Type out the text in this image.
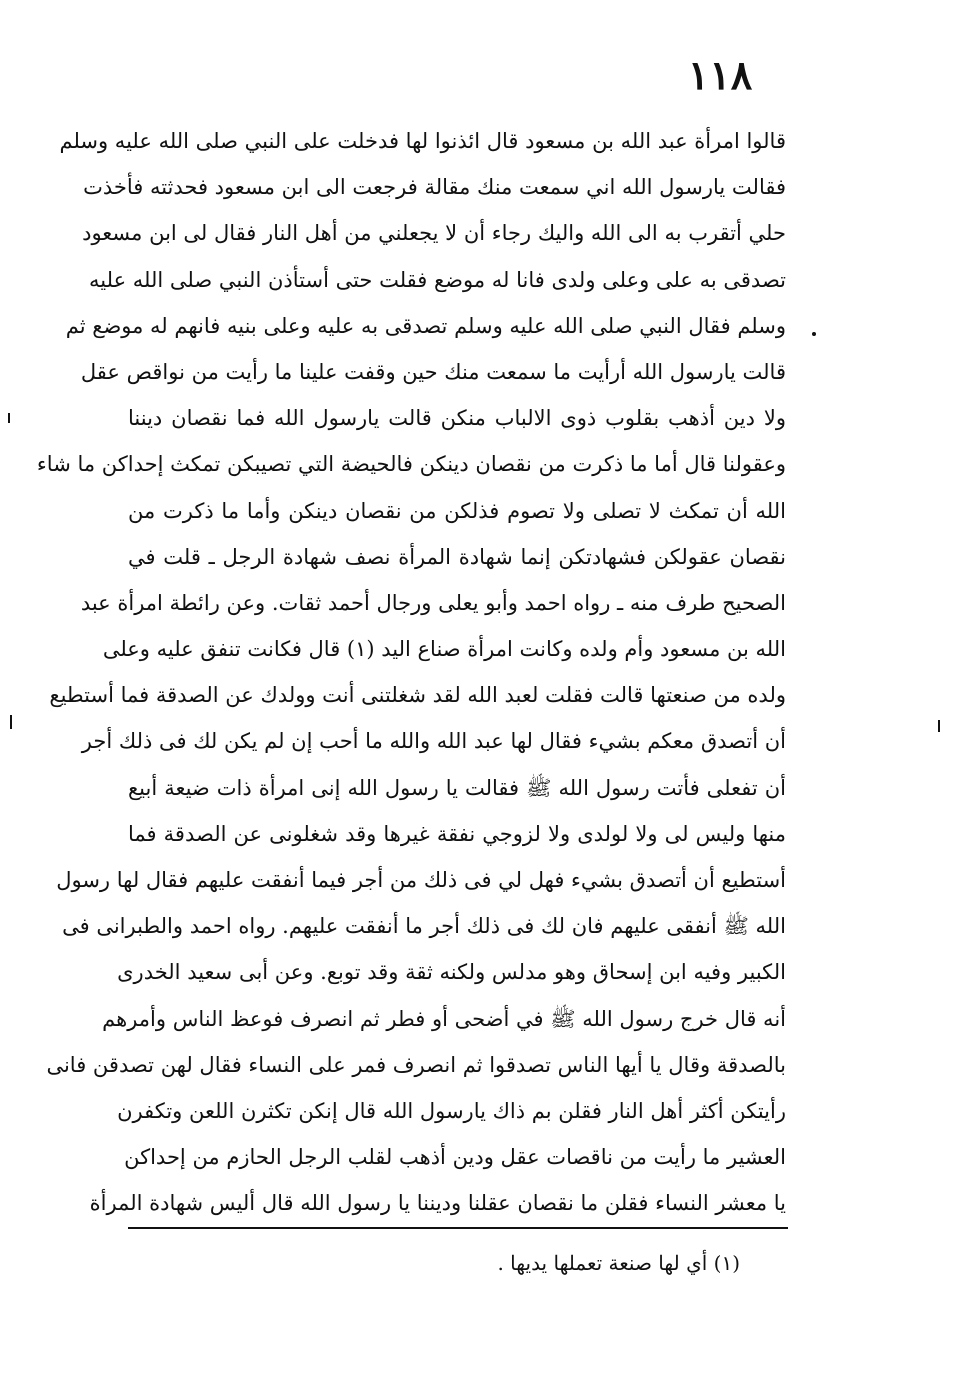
١١٨
قالوا امرأة عبد الله بن مسعود قال ائذنوا لها فدخلت على النبي صلى الله عليه وسلم
فقالت يارسول الله اني سمعت منك مقالة فرجعت الى ابن مسعود فحدثته فأخذت
حلي أتقرب به الى الله واليك رجاء أن لا يجعلني من أهل النار فقال لى ابن مسعود
تصدقى به على وعلى ولدى فانا له موضع فقلت حتى أستأذن النبي صلى الله عليه
وسلم فقال النبي صلى الله عليه وسلم تصدقى به عليه وعلى بنيه فانهم له موضع ثم
قالت يارسول الله أرأيت ما سمعت منك حين وقفت علينا ما رأيت من نواقص عقل
ولا دين أذهب بقلوب ذوى الالباب منكن قالت يارسول الله فما نقصان ديننا
وعقولنا قال أما ما ذكرت من نقصان دينكن فالحيضة التي تصيبكن تمكث إحداكن ما شاء
الله أن تمكث لا تصلى ولا تصوم فذلكن من نقصان دينكن وأما ما ذكرت من
نقصان عقولكن فشهادتكن إنما شهادة المرأة نصف شهادة الرجل ـ قلت في
الصحيح طرف منه ـ رواه احمد وأبو يعلى ورجال أحمد ثقات. وعن رائطة امرأة عبد
الله بن مسعود وأم ولده وكانت امرأة صناع اليد (١) قال فكانت تنفق عليه وعلى
ولده من صنعتها قالت فقلت لعبد الله لقد شغلتنى أنت وولدك عن الصدقة فما أستطيع
أن أتصدق معكم بشيء فقال لها عبد الله والله ما أحب إن لم يكن لك فى ذلك أجر
أن تفعلى فأتت رسول الله ﷺ فقالت يا رسول الله إنى امرأة ذات ضيعة أبيع
منها وليس لى ولا لولدى ولا لزوجي نفقة غيرها وقد شغلونى عن الصدقة فما
أستطيع أن أتصدق بشيء فهل لي فى ذلك من أجر فيما أنفقت عليهم فقال لها رسول
الله ﷺ أنفقى عليهم فان لك فى ذلك أجر ما أنفقت عليهم. رواه احمد والطبرانى فى
الكبير وفيه ابن إسحاق وهو مدلس ولكنه ثقة وقد توبع. وعن أبى سعيد الخدرى
أنه قال خرج رسول الله ﷺ في أضحى أو فطر ثم انصرف فوعظ الناس وأمرهم
بالصدقة وقال يا أيها الناس تصدقوا ثم انصرف فمر على النساء فقال لهن تصدقن فانى
رأيتكن أكثر أهل النار فقلن بم ذاك يارسول الله قال إنكن تكثرن اللعن وتكفرن
العشير ما رأيت من ناقصات عقل ودين أذهب لقلب الرجل الحازم من إحداكن
يا معشر النساء فقلن ما نقصان عقلنا وديننا يا رسول الله قال أليس شهادة المرأة
(١) أي لها صنعة تعملها يديها .
